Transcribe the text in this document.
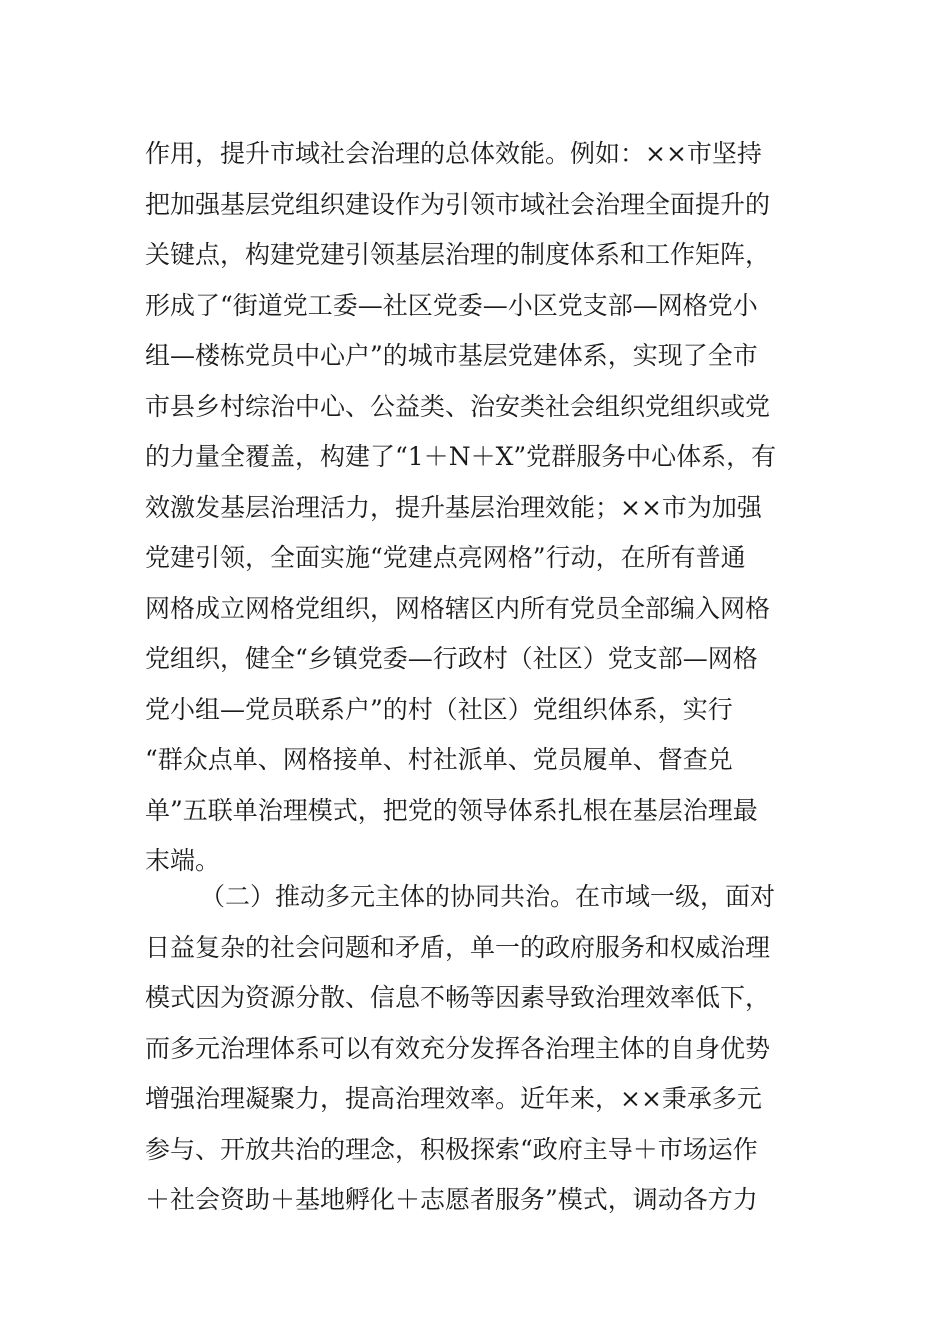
作用，提升市域社会治理的总体效能。例如：××市坚持
把加强基层党组织建设作为引领市域社会治理全面提升的
关键点，构建党建引领基层治理的制度体系和工作矩阵，
形成了“街道党工委—社区党委—小区党支部—网格党小
组—楼栋党员中心户”的城市基层党建体系，实现了全市
市县乡村综治中心、公益类、治安类社会组织党组织或党
的力量全覆盖，构建了“1＋N＋X”党群服务中心体系，有
效激发基层治理活力，提升基层治理效能；××市为加强
党建引领，全面实施“党建点亮网格”行动，在所有普通
网格成立网格党组织，网格辖区内所有党员全部编入网格
党组织，健全“乡镇党委—行政村（社区）党支部—网格
党小组—党员联系户”的村（社区）党组织体系，实行
“群众点单、网格接单、村社派单、党员履单、督查兑
单”五联单治理模式，把党的领导体系扎根在基层治理最
末端。
（二）推动多元主体的协同共治。在市域一级，面对
日益复杂的社会问题和矛盾，单一的政府服务和权威治理
模式因为资源分散、信息不畅等因素导致治理效率低下，
而多元治理体系可以有效充分发挥各治理主体的自身优势
增强治理凝聚力，提高治理效率。近年来，××秉承多元
参与、开放共治的理念，积极探索“政府主导＋市场运作
＋社会资助＋基地孵化＋志愿者服务”模式，调动各方力
